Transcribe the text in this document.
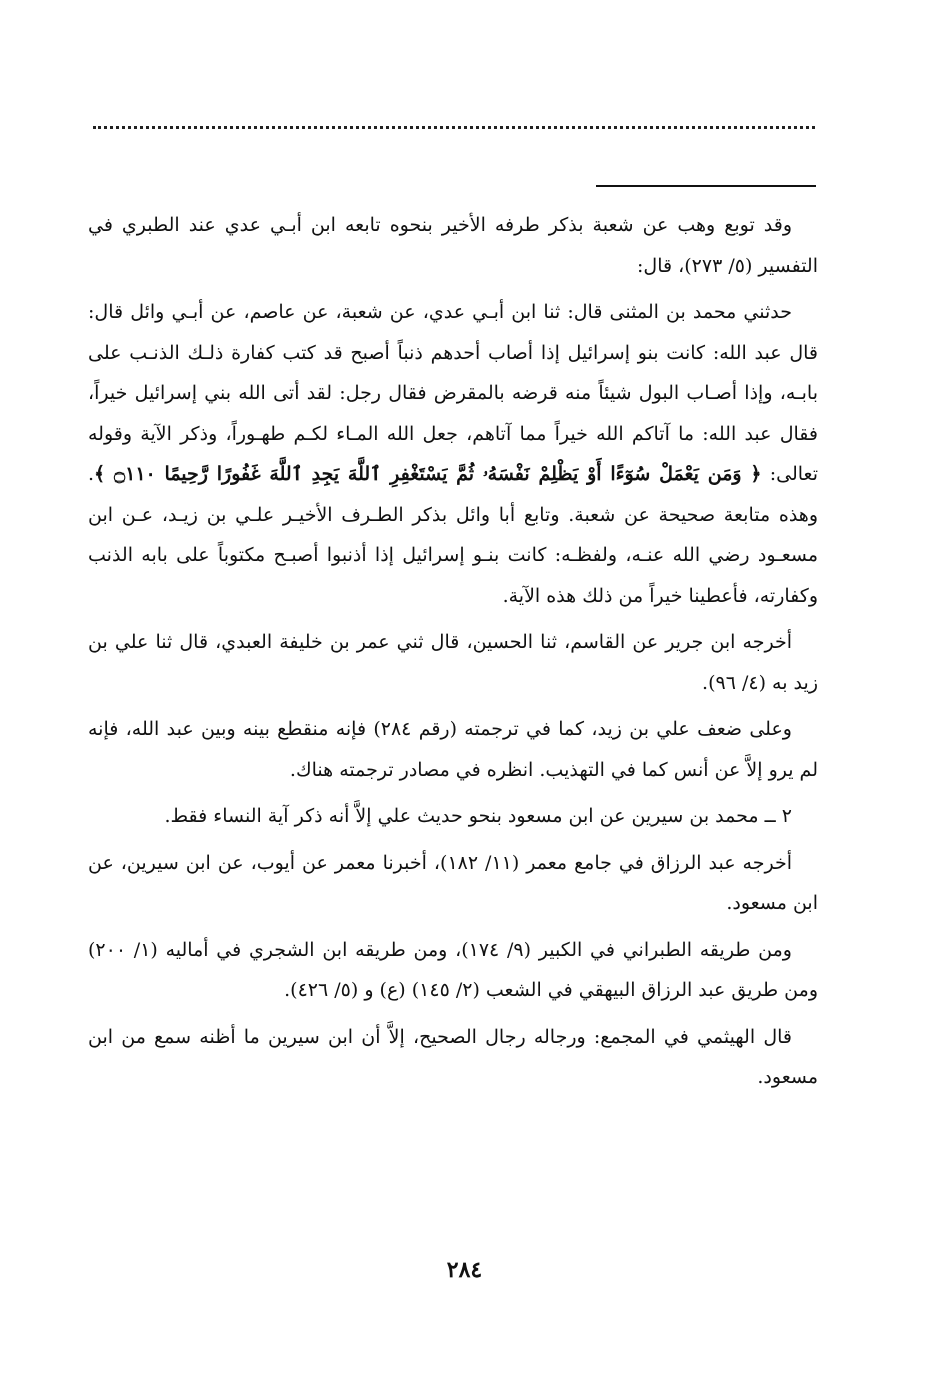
وقد توبع وهب عن شعبة بذكر طرفه الأخير بنحوه تابعه ابن أبـي عدي عند الطبري في التفسير (٥/ ٢٧٣)، قال:

حدثني محمد بن المثنى قال: ثنا ابن أبـي عدي، عن شعبة، عن عاصم، عن أبـي وائل قال: قال عبد الله: كانت بنو إسرائيل إذا أصاب أحدهم ذنباً أصبح قد كتب كفارة ذلـك الذنـب على بابـه، وإذا أصـاب البول شيئاً منه قرضه بالمقرض فقال رجل: لقد أتى الله بني إسرائيل خيراً، فقال عبد الله: ما آتاكم الله خيراً مما آتاهم، جعل الله المـاء لكـم طهـوراً، وذكر الآية وقوله تعالى: ﴿ وَمَن يَعْمَلْ سُوٓءًا أَوْ يَظْلِمْ نَفْسَهُۥ ثُمَّ يَسْتَغْفِرِ ٱللَّهَ يَجِدِ ٱللَّهَ غَفُورًا رَّحِيمًا ۝١١٠ ﴾. وهذه متابعة صحيحة عن شعبة. وتابع أبا وائل بذكر الطـرف الأخيـر علـي بن زيـد، عـن ابن مسعـود رضي الله عنـه، ولفظـه: كانت بنـو إسرائيل إذا أذنبوا أصبـح مكتوباً على بابه الذنب وكفارته، فأعطينا خيراً من ذلك هذه الآية.

أخرجه ابن جرير عن القاسم، ثنا الحسين، قال ثني عمر بن خليفة العبدي، قال ثنا علي بن زيد به (٤/ ٩٦).

وعلى ضعف علي بن زيد، كما في ترجمته (رقم ٢٨٤) فإنه منقطع بينه وبين عبد الله، فإنه لم يرو إلاَّ عن أنس كما في التهذيب. انظره في مصادر ترجمته هناك.

٢ ــ محمد بن سيرين عن ابن مسعود بنحو حديث علي إلاَّ أنه ذكر آية النساء فقط.

أخرجه عبد الرزاق في جامع معمر (١١/ ١٨٢)، أخبرنا معمر عن أيوب، عن ابن سيرين، عن ابن مسعود.

ومن طريقه الطبراني في الكبير (٩/ ١٧٤)، ومن طريقه ابن الشجري في أماليه (١/ ٢٠٠) ومن طريق عبد الرزاق البيهقي في الشعب (٢/ ١٤٥) (ع) و (٥/ ٤٢٦).

قال الهيثمي في المجمع: ورجاله رجال الصحيح، إلاَّ أن ابن سيرين ما أظنه سمع من ابن مسعود.

٢٨٤
